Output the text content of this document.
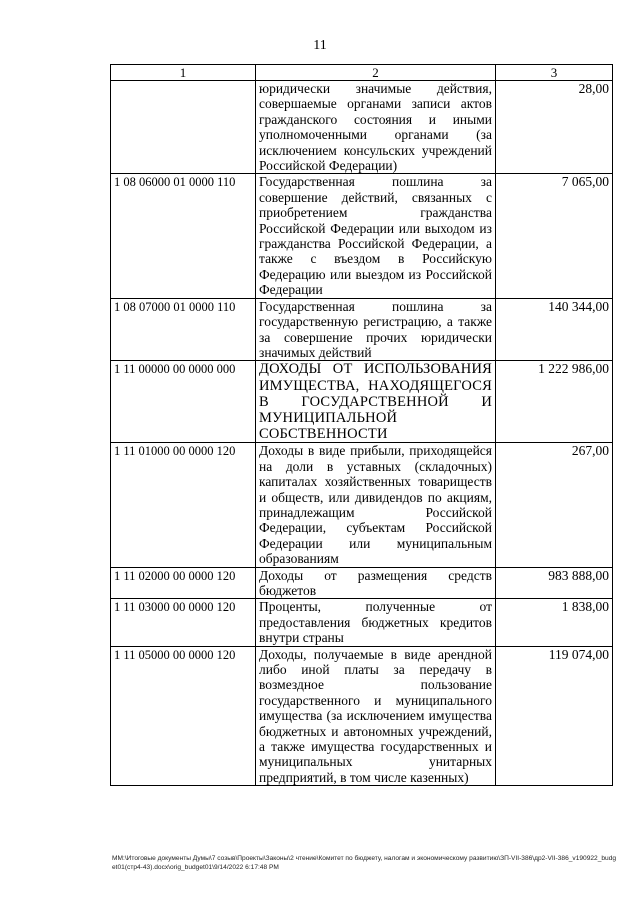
11
1	2	3
	юридически значимые действия, совершаемые органами записи актов гражданского состояния и иными уполномоченными органами (за исключением консульских учреждений Российской Федерации)	28,00
1 08 06000 01 0000 110	Государственная пошлина за совершение действий, связанных с приобретением гражданства Российской Федерации или выходом из гражданства Российской Федерации, а также с въездом в Российскую Федерацию или выездом из Российской Федерации	7 065,00
1 08 07000 01 0000 110	Государственная пошлина за государственную регистрацию, а также за совершение прочих юридически значимых действий	140 344,00
1 11 00000 00 0000 000	ДОХОДЫ ОТ ИСПОЛЬЗОВАНИЯ ИМУЩЕСТВА, НАХОДЯЩЕГОСЯ В ГОСУДАРСТВЕННОЙ И МУНИЦИПАЛЬНОЙ СОБСТВЕННОСТИ	1 222 986,00
1 11 01000 00 0000 120	Доходы в виде прибыли, приходящейся на доли в уставных (складочных) капиталах хозяйственных товариществ и обществ, или дивидендов по акциям, принадлежащим Российской Федерации, субъектам Российской Федерации или муниципальным образованиям	267,00
1 11 02000 00 0000 120	Доходы от размещения средств бюджетов	983 888,00
1 11 03000 00 0000 120	Проценты, полученные от предоставления бюджетных кредитов внутри страны	1 838,00
1 11 05000 00 0000 120	Доходы, получаемые в виде арендной либо иной платы за передачу в возмездное пользование государственного и муниципального имущества (за исключением имущества бюджетных и автономных учреждений, а также имущества государственных и муниципальных унитарных предприятий, в том числе казенных)	119 074,00
ММ:\Итоговые документы Думы\7 созыв\Проекты\Законы\2 чтение\Комитет по бюджету, налогам и экономическому развитию\ЗП-VII-386\др2-VII-386_v190922_budget01(стр4-43).docx\orig_budget01\9/14/2022 6:17:48 PM
